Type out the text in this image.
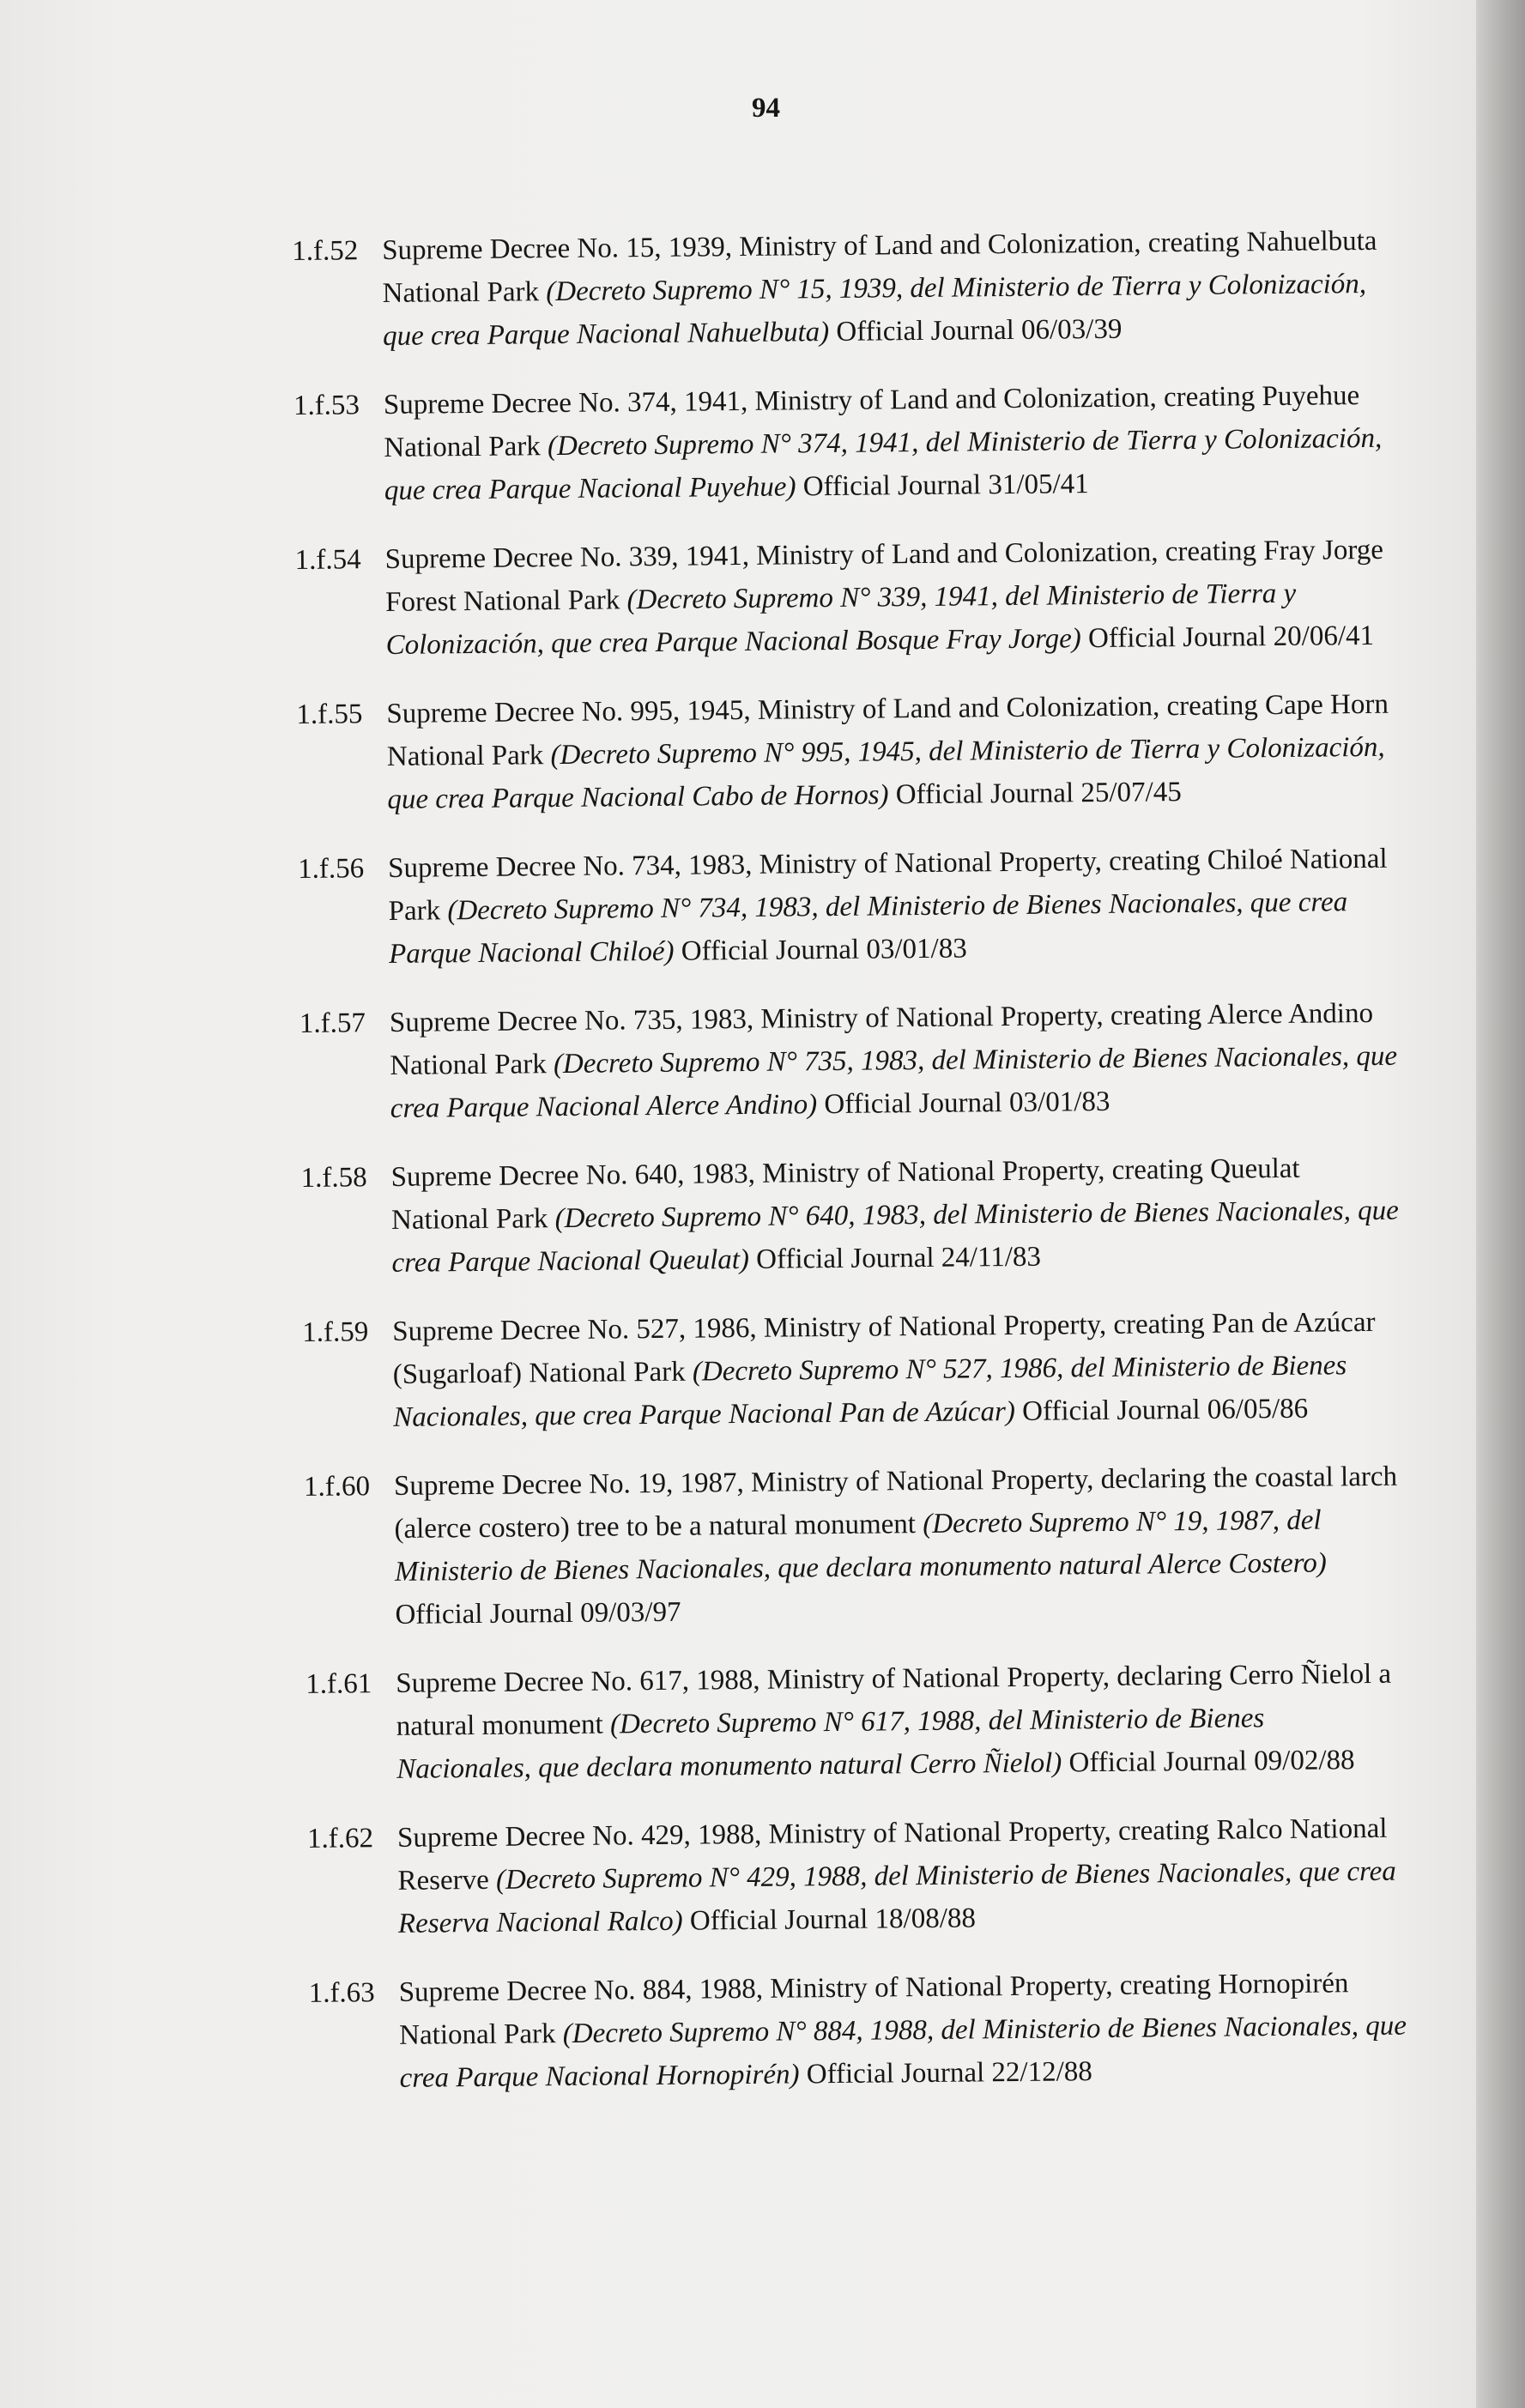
94
1.f.52 Supreme Decree No. 15, 1939, Ministry of Land and Colonization, creating Nahuelbuta National Park (Decreto Supremo N° 15, 1939, del Ministerio de Tierra y Colonización, que crea Parque Nacional Nahuelbuta) Official Journal 06/03/39
1.f.53 Supreme Decree No. 374, 1941, Ministry of Land and Colonization, creating Puyehue National Park (Decreto Supremo N° 374, 1941, del Ministerio de Tierra y Colonización, que crea Parque Nacional Puyehue) Official Journal 31/05/41
1.f.54 Supreme Decree No. 339, 1941, Ministry of Land and Colonization, creating Fray Jorge Forest National Park (Decreto Supremo N° 339, 1941, del Ministerio de Tierra y Colonización, que crea Parque Nacional Bosque Fray Jorge) Official Journal 20/06/41
1.f.55 Supreme Decree No. 995, 1945, Ministry of Land and Colonization, creating Cape Horn National Park (Decreto Supremo N° 995, 1945, del Ministerio de Tierra y Colonización, que crea Parque Nacional Cabo de Hornos) Official Journal 25/07/45
1.f.56 Supreme Decree No. 734, 1983, Ministry of National Property, creating Chiloé National Park (Decreto Supremo N° 734, 1983, del Ministerio de Bienes Nacionales, que crea Parque Nacional Chiloé) Official Journal 03/01/83
1.f.57 Supreme Decree No. 735, 1983, Ministry of National Property, creating Alerce Andino National Park (Decreto Supremo N° 735, 1983, del Ministerio de Bienes Nacionales, que crea Parque Nacional Alerce Andino) Official Journal 03/01/83
1.f.58 Supreme Decree No. 640, 1983, Ministry of National Property, creating Queulat National Park (Decreto Supremo N° 640, 1983, del Ministerio de Bienes Nacionales, que crea Parque Nacional Queulat) Official Journal 24/11/83
1.f.59 Supreme Decree No. 527, 1986, Ministry of National Property, creating Pan de Azúcar (Sugarloaf) National Park (Decreto Supremo N° 527, 1986, del Ministerio de Bienes Nacionales, que crea Parque Nacional Pan de Azúcar) Official Journal 06/05/86
1.f.60 Supreme Decree No. 19, 1987, Ministry of National Property, declaring the coastal larch (alerce costero) tree to be a natural monument (Decreto Supremo N° 19, 1987, del Ministerio de Bienes Nacionales, que declara monumento natural Alerce Costero) Official Journal 09/03/97
1.f.61 Supreme Decree No. 617, 1988, Ministry of National Property, declaring Cerro Ñielol a natural monument (Decreto Supremo N° 617, 1988, del Ministerio de Bienes Nacionales, que declara monumento natural Cerro Ñielol) Official Journal 09/02/88
1.f.62 Supreme Decree No. 429, 1988, Ministry of National Property, creating Ralco National Reserve (Decreto Supremo N° 429, 1988, del Ministerio de Bienes Nacionales, que crea Reserva Nacional Ralco) Official Journal 18/08/88
1.f.63 Supreme Decree No. 884, 1988, Ministry of National Property, creating Hornopirén National Park (Decreto Supremo N° 884, 1988, del Ministerio de Bienes Nacionales, que crea Parque Nacional Hornopirén) Official Journal 22/12/88
